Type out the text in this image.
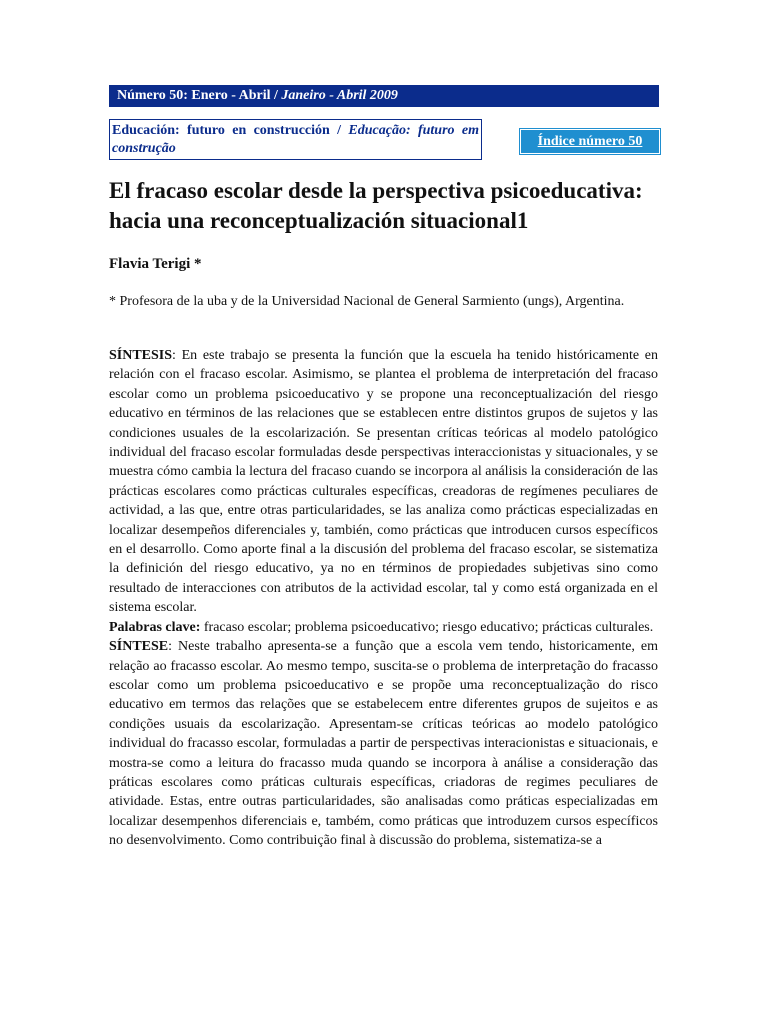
Número 50: Enero - Abril / Janeiro - Abril 2009
Educación: futuro en construcción / Educação: futuro em construção	Índice número 50
El fracaso escolar desde la perspectiva psicoeducativa: hacia una reconceptualización situacional1
Flavia Terigi *
* Profesora de la uba y de la Universidad Nacional de General Sarmiento (ungs), Argentina.

SÍNTESIS: En este trabajo se presenta la función que la escuela ha tenido históricamente en relación con el fracaso escolar. Asimismo, se plantea el problema de interpretación del fracaso escolar como un problema psicoeducativo y se propone una reconceptualización del riesgo educativo en términos de las relaciones que se establecen entre distintos grupos de sujetos y las condiciones usuales de la escolarización. Se presentan críticas teóricas al modelo patológico individual del fracaso escolar formuladas desde perspectivas interaccionistas y situacionales, y se muestra cómo cambia la lectura del fracaso cuando se incorpora al análisis la consideración de las prácticas escolares como prácticas culturales específicas, creadoras de regímenes peculiares de actividad, a las que, entre otras particularidades, se las analiza como prácticas especializadas en localizar desempeños diferenciales y, también, como prácticas que introducen cursos específicos en el desarrollo. Como aporte final a la discusión del problema del fracaso escolar, se sistematiza la definición del riesgo educativo, ya no en términos de propiedades subjetivas sino como resultado de interacciones con atributos de la actividad escolar, tal y como está organizada en el sistema escolar.

Palabras clave: fracaso escolar; problema psicoeducativo; riesgo educativo; prácticas culturales.

SÍNTESE: Neste trabalho apresenta-se a função que a escola vem tendo, historicamente, em relação ao fracasso escolar. Ao mesmo tempo, suscita-se o problema de interpretação do fracasso escolar como um problema psicoeducativo e se propõe uma reconceptualização do risco educativo em termos das relações que se estabelecem entre diferentes grupos de sujeitos e as condições usuais da escolarização. Apresentam-se críticas teóricas ao modelo patológico individual do fracasso escolar, formuladas a partir de perspectivas interacionistas e situacionais, e mostra-se como a leitura do fracasso muda quando se incorpora à análise a consideração das práticas escolares como práticas culturais específicas, criadoras de regimes peculiares de atividade. Estas, entre outras particularidades, são analisadas como práticas especializadas em localizar desempenhos diferenciais e, também, como práticas que introduzem cursos específicos no desenvolvimento. Como contribuição final à discussão do problema, sistematiza-se a
